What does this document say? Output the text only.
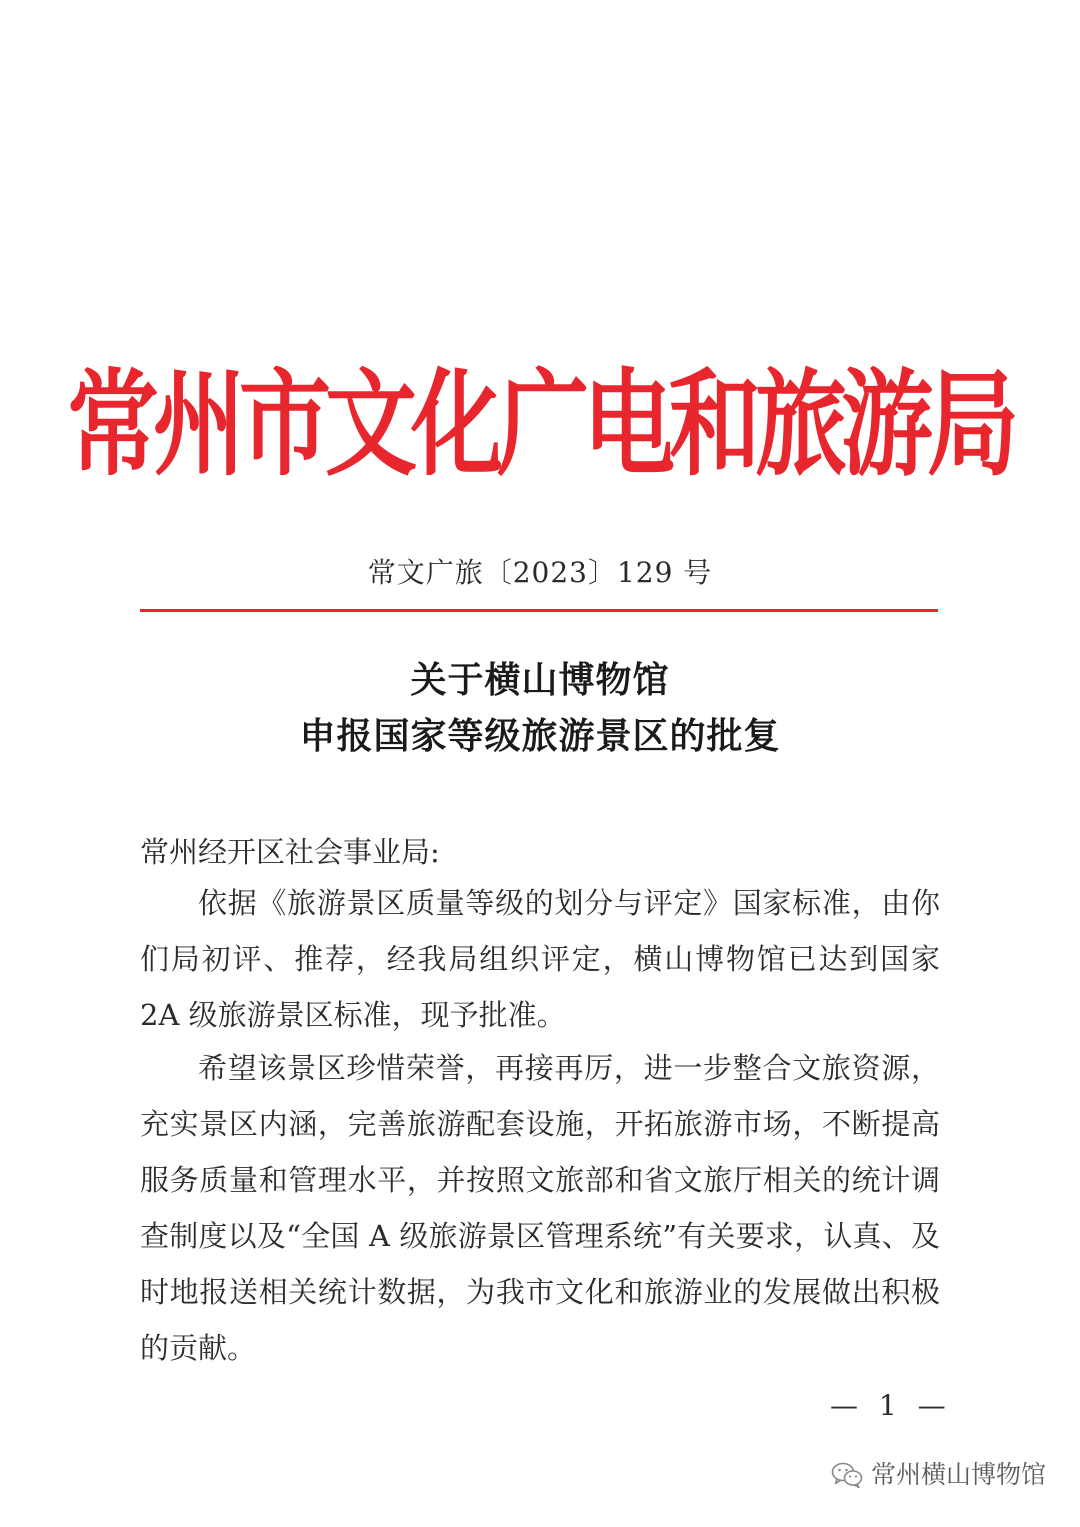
常州市文化广电和旅游局
常文广旅〔2023〕129 号
关于横山博物馆
申报国家等级旅游景区的批复
常州经开区社会事业局:
依据《旅游景区质量等级的划分与评定》国家标准，由你们局初评、推荐，经我局组织评定，横山博物馆已达到国家 2A 级旅游景区标准，现予批准。
希望该景区珍惜荣誉，再接再厉，进一步整合文旅资源，充实景区内涵，完善旅游配套设施，开拓旅游市场，不断提高服务质量和管理水平，并按照文旅部和省文旅厅相关的统计调查制度以及“全国 A 级旅游景区管理系统”有关要求，认真、及时地报送相关统计数据，为我市文化和旅游业的发展做出积极的贡献。
— 1 —
常州横山博物馆
